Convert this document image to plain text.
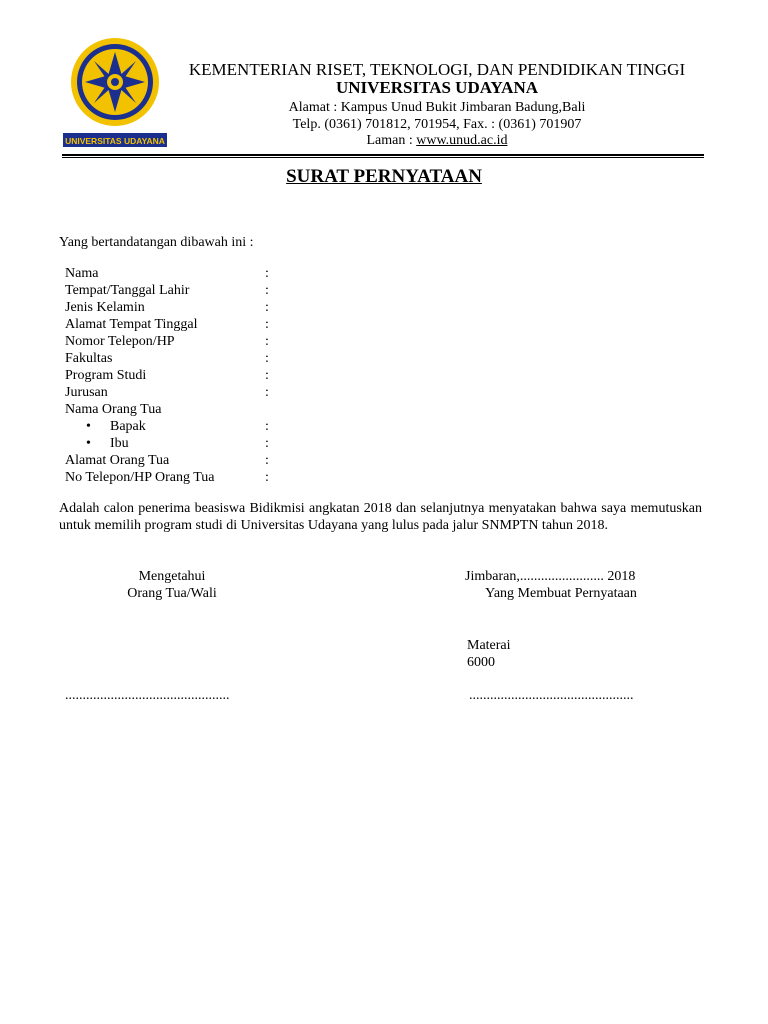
UNIVERSITAS UDAYANA
KEMENTERIAN RISET, TEKNOLOGI, DAN PENDIDIKAN TINGGI
UNIVERSITAS UDAYANA
Alamat : Kampus Unud Bukit Jimbaran Badung,Bali
Telp. (0361) 701812, 701954, Fax. : (0361) 701907
Laman : www.unud.ac.id
SURAT PERNYATAAN
Yang bertandatangan dibawah ini :
Nama	:
Tempat/Tanggal Lahir	:
Jenis Kelamin	:
Alamat Tempat Tinggal	:
Nomor Telepon/HP	:
Fakultas	:
Program Studi	:
Jurusan	:
Nama Orang Tua
• Bapak	:
• Ibu	:
Alamat Orang Tua	:
No Telepon/HP Orang Tua	:
Adalah calon penerima beasiswa Bidikmisi angkatan 2018 dan selanjutnya menyatakan bahwa saya memutuskan untuk memilih program studi di Universitas Udayana yang lulus pada jalur SNMPTN tahun 2018.
Mengetahui
Orang Tua/Wali
Jimbaran,........................ 2018
Yang Membuat Pernyataan
Materai
6000
...............................................	...............................................
